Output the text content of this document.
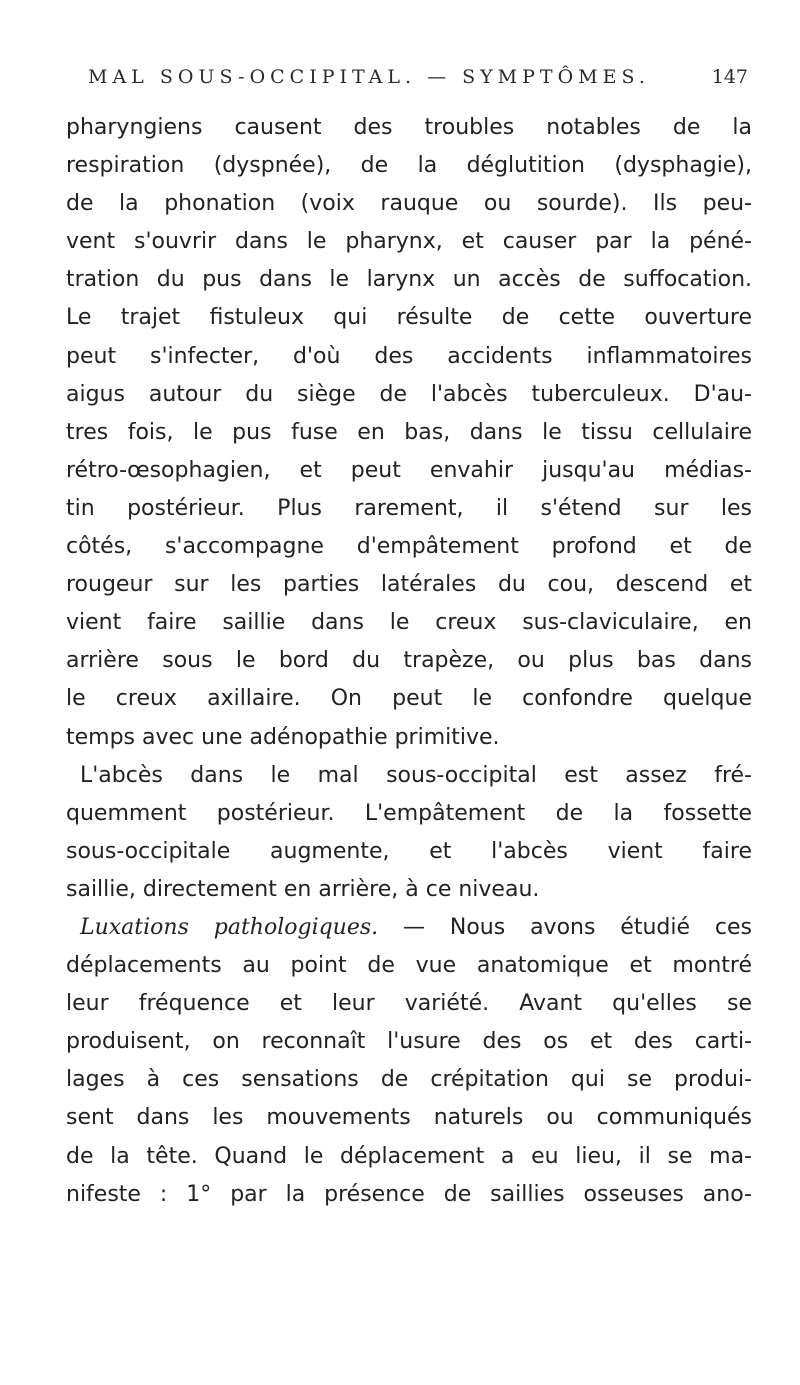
MAL SOUS-OCCIPITAL. — SYMPTÔMES.	147
pharyngiens causent des troubles notables de la
respiration (dyspnée), de la déglutition (dysphagie),
de la phonation (voix rauque ou sourde). Ils peu-
vent s'ouvrir dans le pharynx, et causer par la péné-
tration du pus dans le larynx un accès de suffocation.
Le trajet fistuleux qui résulte de cette ouverture
peut s'infecter, d'où des accidents inflammatoires
aigus autour du siège de l'abcès tuberculeux. D'au-
tres fois, le pus fuse en bas, dans le tissu cellulaire
rétro-œsophagien, et peut envahir jusqu'au médias-
tin postérieur. Plus rarement, il s'étend sur les
côtés, s'accompagne d'empâtement profond et de
rougeur sur les parties latérales du cou, descend et
vient faire saillie dans le creux sus-claviculaire, en
arrière sous le bord du trapèze, ou plus bas dans
le creux axillaire. On peut le confondre quelque
temps avec une adénopathie primitive.
L'abcès dans le mal sous-occipital est assez fré-
quemment postérieur. L'empâtement de la fossette
sous-occipitale augmente, et l'abcès vient faire
saillie, directement en arrière, à ce niveau.
Luxations pathologiques. — Nous avons étudié ces
déplacements au point de vue anatomique et montré
leur fréquence et leur variété. Avant qu'elles se
produisent, on reconnaît l'usure des os et des carti-
lages à ces sensations de crépitation qui se produi-
sent dans les mouvements naturels ou communiqués
de la tête. Quand le déplacement a eu lieu, il se ma-
nifeste : 1° par la présence de saillies osseuses ano-
